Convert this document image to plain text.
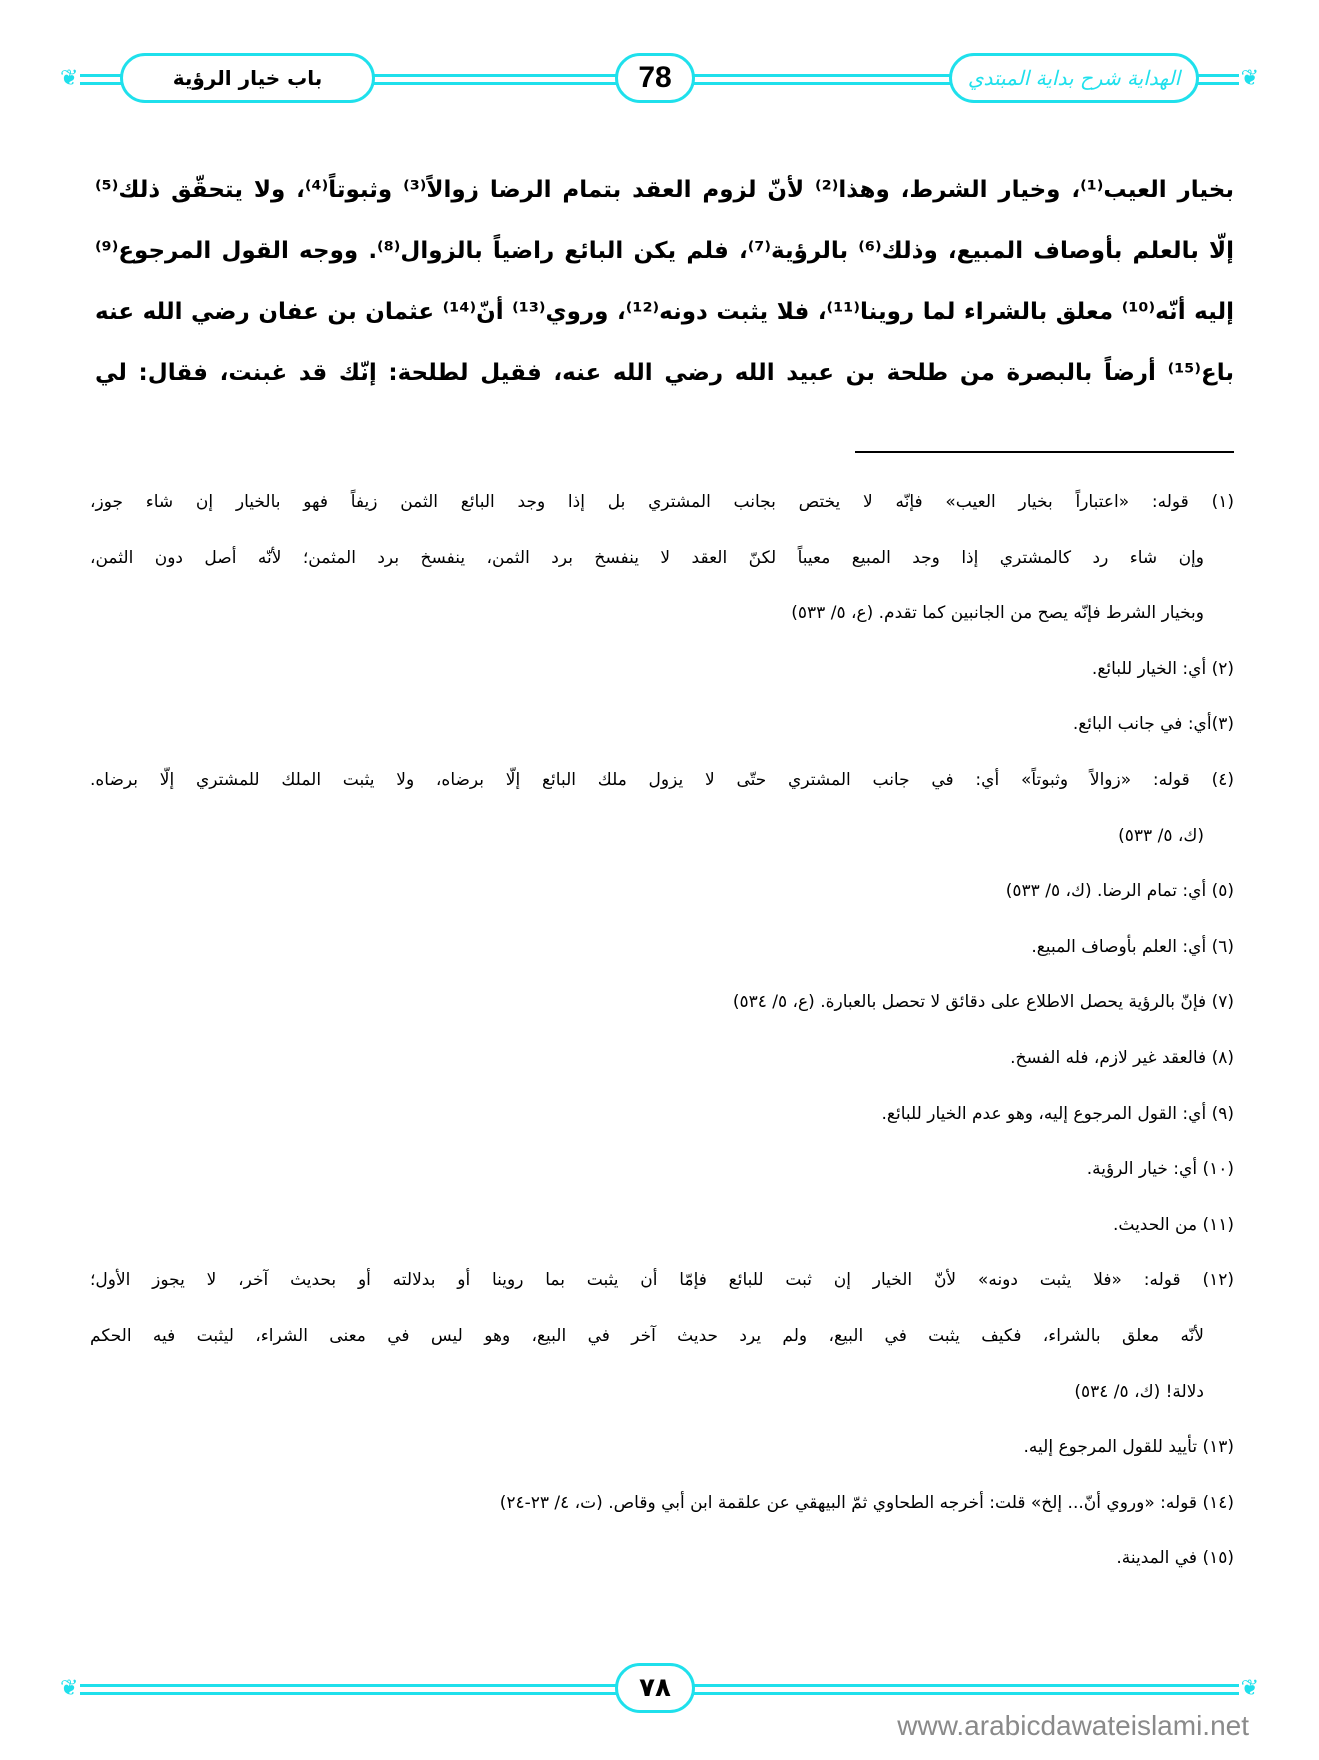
❦	❦
باب خيار الرؤية	78	الهداية شرح بداية المبتدي
بخيار العيب⁽¹⁾، وخيار الشرط، وهذا⁽²⁾ لأنّ لزوم العقد بتمام الرضا زوالاً⁽³⁾ وثبوتاً⁽⁴⁾، ولا يتحقّق ذلك⁽⁵⁾
إلّا بالعلم بأوصاف المبيع، وذلك⁽⁶⁾ بالرؤية⁽⁷⁾، فلم يكن البائع راضياً بالزوال⁽⁸⁾. ووجه القول المرجوع⁽⁹⁾
إليه أنّه⁽¹⁰⁾ معلق بالشراء لما روينا⁽¹¹⁾، فلا يثبت دونه⁽¹²⁾، وروي⁽¹³⁾ أنّ⁽¹⁴⁾ عثمان بن عفان رضي الله عنه
باع⁽¹⁵⁾ أرضاً بالبصرة من طلحة بن عبيد الله رضي الله عنه، فقيل لطلحة: إنّك قد غبنت، فقال: لي
(١) قوله: «اعتباراً بخيار العيب» فإنّه لا يختص بجانب المشتري بل إذا وجد البائع الثمن زيفاً فهو بالخيار إن شاء جوز،
وإن شاء رد كالمشتري إذا وجد المبيع معيباً لكنّ العقد لا ينفسخ برد الثمن، ينفسخ برد المثمن؛ لأنّه أصل دون الثمن،
وبخيار الشرط فإنّه يصح من الجانبين كما تقدم. (ع، ٥/ ٥٣٣)
(٢) أي: الخيار للبائع.
(٣)أي: في جانب البائع.
(٤) قوله: «زوالاً وثبوتاً» أي: في جانب المشتري حتّى لا يزول ملك البائع إلّا برضاه، ولا يثبت الملك للمشتري إلّا برضاه.
(ك، ٥/ ٥٣٣)
(٥) أي: تمام الرضا. (ك، ٥/ ٥٣٣)
(٦) أي: العلم بأوصاف المبيع.
(٧) فإنّ بالرؤية يحصل الاطلاع على دقائق لا تحصل بالعبارة. (ع، ٥/ ٥٣٤)
(٨) فالعقد غير لازم، فله الفسخ.
(٩) أي: القول المرجوع إليه، وهو عدم الخيار للبائع.
(١٠) أي: خيار الرؤية.
(١١) من الحديث.
(١٢) قوله: «فلا يثبت دونه» لأنّ الخيار إن ثبت للبائع فإمّا أن يثبت بما روينا أو بدلالته أو بحديث آخر، لا يجوز الأول؛
لأنّه معلق بالشراء، فكيف يثبت في البيع، ولم يرد حديث آخر في البيع، وهو ليس في معنى الشراء، ليثبت فيه الحكم
دلالة! (ك، ٥/ ٥٣٤)
(١٣) تأييد للقول المرجوع إليه.
(١٤) قوله: «وروي أنّ... إلخ» قلت: أخرجه الطحاوي ثمّ البيهقي عن علقمة ابن أبي وقاص. (ت، ٤/ ٢٣-٢٤)
(١٥) في المدينة.
❦	❦
٧٨
www.arabicdawateislami.net
